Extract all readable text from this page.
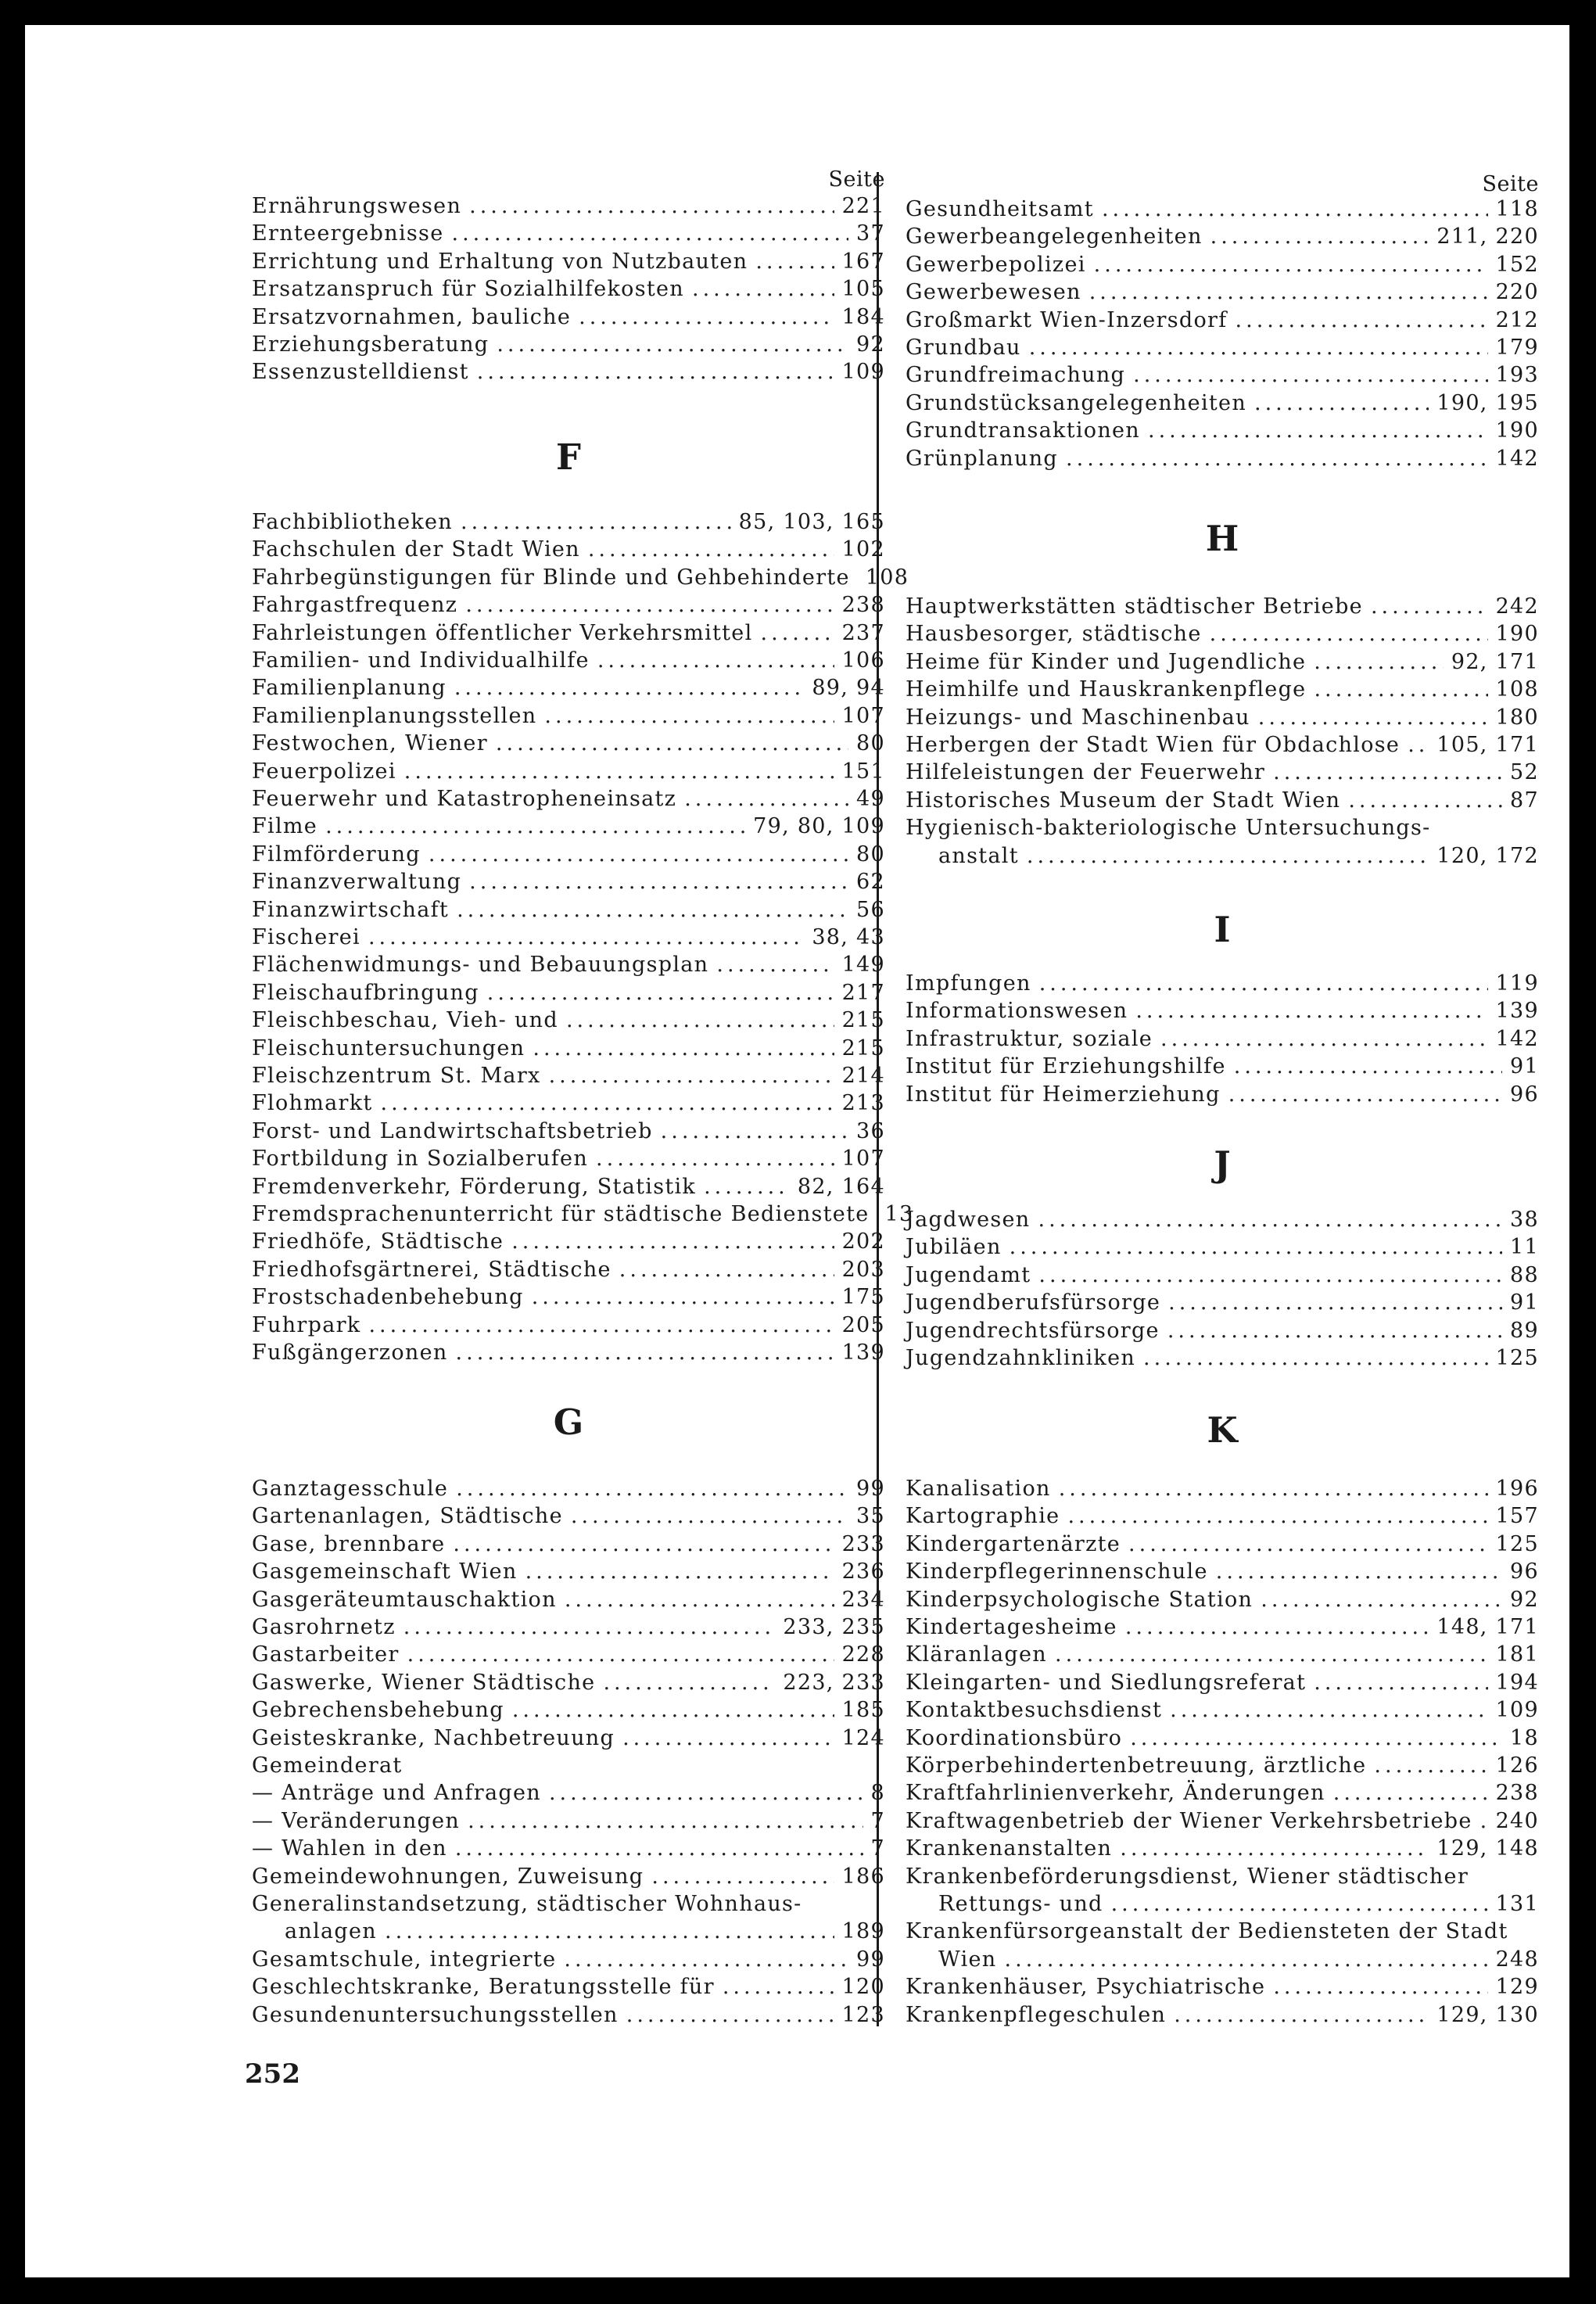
Seite
Ernährungswesen .....	221
Ernteergebnisse .....	37
Errichtung und Erhaltung von Nutzbauten .....	167
Ersatzanspruch für Sozialhilfekosten .....	105
Ersatzvornahmen, bauliche .....	184
Erziehungsberatung .....	92
Essenzustelldienst .....	109
F
Fachbibliotheken .....	85, 103, 165
Fachschulen der Stadt Wien .....	102
Fahrbegünstigungen für Blinde und Gehbehinderte 108
Fahrgastfrequenz .....	238
Fahrleistungen öffentlicher Verkehrsmittel .....	237
Familien- und Individualhilfe .....	106
Familienplanung .....	89, 94
Familienplanungsstellen .....	107
Festwochen, Wiener .....	80
Feuerpolizei .....	151
Feuerwehr und Katastropheneinsatz .....	49
Filme .....	79, 80, 109
Filmförderung .....	80
Finanzverwaltung .....	62
Finanzwirtschaft .....	56
Fischerei .....	38, 43
Flächenwidmungs- und Bebauungsplan .....	149
Fleischaufbringung .....	217
Fleischbeschau, Vieh- und .....	215
Fleischuntersuchungen .....	215
Fleischzentrum St. Marx .....	214
Flohmarkt .....	213
Forst- und Landwirtschaftsbetrieb .....	36
Fortbildung in Sozialberufen .....	107
Fremdenverkehr, Förderung, Statistik .....	82, 164
Fremdsprachenunterricht für städtische Bedienstete 13
Friedhöfe, Städtische .....	202
Friedhofsgärtnerei, Städtische .....	203
Frostschadenbehebung .....	175
Fuhrpark .....	205
Fußgängerzonen .....	139
G
Ganztagesschule .....	99
Gartenanlagen, Städtische .....	35
Gase, brennbare .....	233
Gasgemeinschaft Wien .....	236
Gasgeräteumtauschaktion .....	234
Gasrohrnetz .....	233, 235
Gastarbeiter .....	228
Gaswerke, Wiener Städtische .....	223, 233
Gebrechensbehebung .....	185
Geisteskranke, Nachbetreuung .....	124
Gemeinderat
— Anträge und Anfragen .....	8
— Veränderungen .....	7
— Wahlen in den .....	7
Gemeindewohnungen, Zuweisung .....	186
Generalinstandsetzung, städtischer Wohnhaus-
anlagen .....	189
Gesamtschule, integrierte .....	99
Geschlechtskranke, Beratungsstelle für .....	120
Gesundenuntersuchungsstellen .....	123
Seite
Gesundheitsamt .....	118
Gewerbeangelegenheiten .....	211, 220
Gewerbepolizei .....	152
Gewerbewesen .....	220
Großmarkt Wien-Inzersdorf .....	212
Grundbau .....	179
Grundfreimachung .....	193
Grundstücksangelegenheiten .....	190, 195
Grundtransaktionen .....	190
Grünplanung .....	142
H
Hauptwerkstätten städtischer Betriebe .....	242
Hausbesorger, städtische .....	190
Heime für Kinder und Jugendliche .....	92, 171
Heimhilfe und Hauskrankenpflege .....	108
Heizungs- und Maschinenbau .....	180
Herbergen der Stadt Wien für Obdachlose ..... 105, 171
Hilfeleistungen der Feuerwehr .....	52
Historisches Museum der Stadt Wien .....	87
Hygienisch-bakteriologische Untersuchungs-
anstalt .....	120, 172
I
Impfungen .....	119
Informationswesen .....	139
Infrastruktur, soziale .....	142
Institut für Erziehungshilfe .....	91
Institut für Heimerziehung .....	96
J
Jagdwesen .....	38
Jubiläen .....	11
Jugendamt .....	88
Jugendberufsfürsorge .....	91
Jugendrechtsfürsorge .....	89
Jugendzahnkliniken .....	125
K
Kanalisation .....	196
Kartographie .....	157
Kindergartenärzte .....	125
Kinderpflegerinnenschule .....	96
Kinderpsychologische Station .....	92
Kindertagesheime .....	148, 171
Kläranlagen .....	181
Kleingarten- und Siedlungsreferat .....	194
Kontaktbesuchsdienst .....	109
Koordinationsbüro .....	18
Körperbehindertenbetreuung, ärztliche .....	126
Kraftfahrlinienverkehr, Änderungen .....	238
Kraftwagenbetrieb der Wiener Verkehrsbetriebe ..... 240
Krankenanstalten .....	129, 148
Krankenbeförderungsdienst, Wiener städtischer
Rettungs- und .....	131
Krankenfürsorgeanstalt der Bediensteten der Stadt
Wien .....	248
Krankenhäuser, Psychiatrische .....	129
Krankenpflegeschulen .....	129, 130
252
